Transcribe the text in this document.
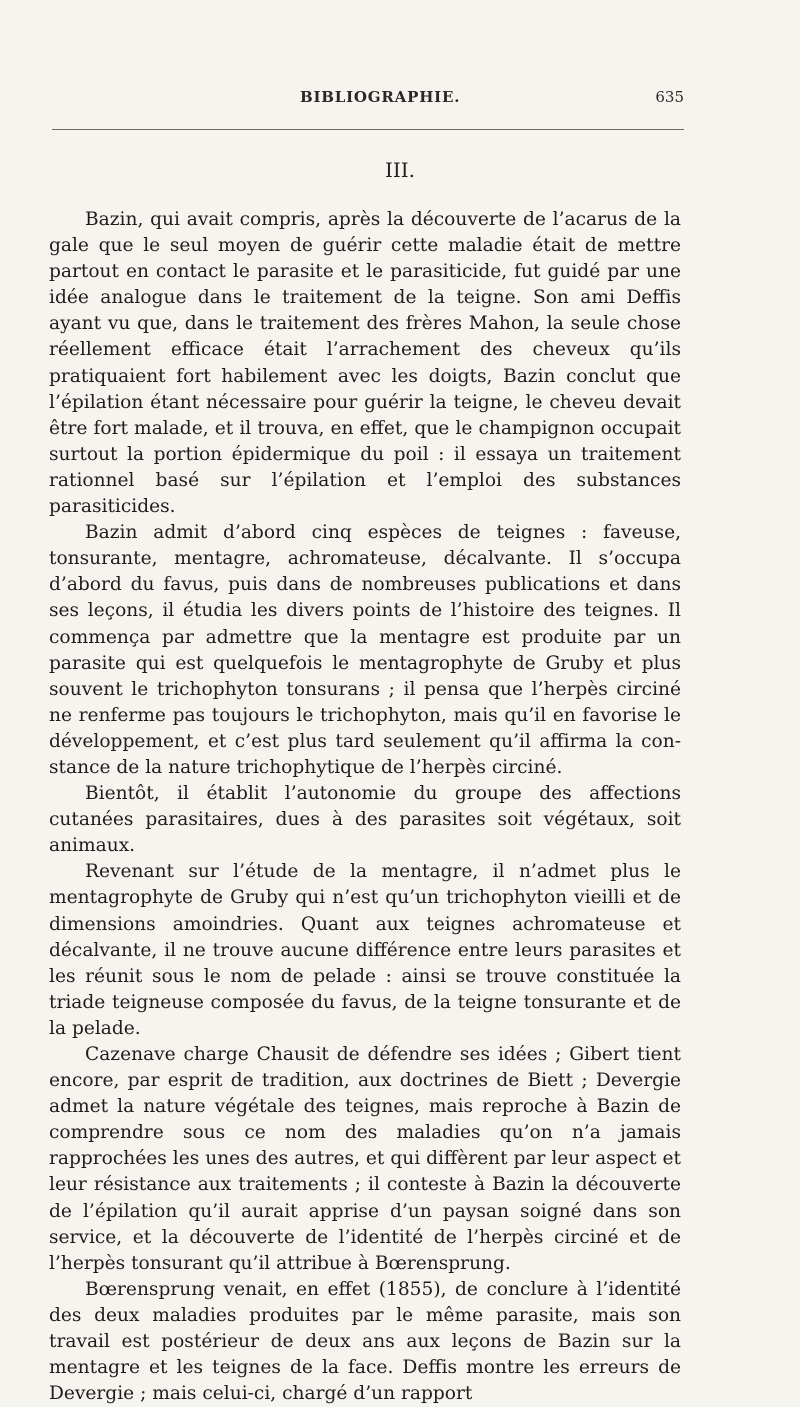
BIBLIOGRAPHIE.	635
III.

Bazin, qui avait compris, après la découverte de l’acarus de la gale que le seul moyen de guérir cette maladie était de mettre partout en contact le parasite et le parasiticide, fut guidé par une idée analogue dans le traitement de la teigne. Son ami Deffis ayant vu que, dans le traitement des frères Mahon, la seule chose réellement efficace était l’arrachement des cheveux qu’ils pratiquaient fort habilement avec les doigts, Bazin conclut que l’épilation étant nécessaire pour guérir la teigne, le cheveu devait être fort malade, et il trouva, en effet, que le champignon occupait surtout la portion épidermique du poil : il essaya un traitement rationnel basé sur l’épilation et l’emploi des substances parasiticides.

Bazin admit d’abord cinq espèces de teignes : faveuse, tonsurante, mentagre, achromateuse, décalvante. Il s’occupa d’abord du favus, puis dans de nombreuses publications et dans ses leçons, il étudia les divers points de l’histoire des teignes. Il commença par admettre que la mentagre est produite par un parasite qui est quelquefois le mentagrophyte de Gruby et plus souvent le trichophyton tonsurans ; il pensa que l’herpès circiné ne renferme pas toujours le trichophyton, mais qu’il en favorise le développement, et c’est plus tard seulement qu’il affirma la constance de la nature trichophytique de l’herpès circiné.

Bientôt, il établit l’autonomie du groupe des affections cutanées parasitaires, dues à des parasites soit végétaux, soit animaux.

Revenant sur l’étude de la mentagre, il n’admet plus le mentagrophyte de Gruby qui n’est qu’un trichophyton vieilli et de dimensions amoindries. Quant aux teignes achromateuse et décalvante, il ne trouve aucune différence entre leurs parasites et les réunit sous le nom de pelade : ainsi se trouve constituée la triade teigneuse composée du favus, de la teigne tonsurante et de la pelade.

Cazenave charge Chausit de défendre ses idées ; Gibert tient encore, par esprit de tradition, aux doctrines de Biett ; Devergie admet la nature végétale des teignes, mais reproche à Bazin de comprendre sous ce nom des maladies qu’on n’a jamais rapprochées les unes des autres, et qui diffèrent par leur aspect et leur résistance aux traitements ; il conteste à Bazin la découverte de l’épilation qu’il aurait apprise d’un paysan soigné dans son service, et la découverte de l’identité de l’herpès circiné et de l’herpès tonsurant qu’il attribue à Bœrensprung.

Bœrensprung venait, en effet (1855), de conclure à l’identité des deux maladies produites par le même parasite, mais son travail est postérieur de deux ans aux leçons de Bazin sur la mentagre et les teignes de la face. Deffis montre les erreurs de Devergie ; mais celui-ci, chargé d’un rapport
